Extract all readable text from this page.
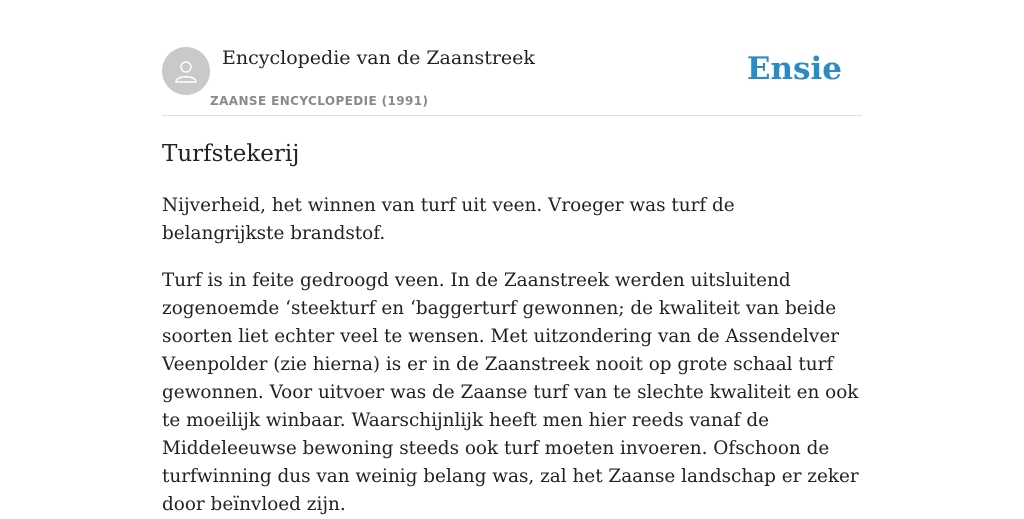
Encyclopedie van de Zaanstreek
ZAANSE ENCYCLOPEDIE (1991)
Ensie
Turfstekerij

Nijverheid, het winnen van turf uit veen. Vroeger was turf de belangrijkste brandstof.

Turf is in feite gedroogd veen. In de Zaanstreek werden uitsluitend zogenoemde ‘steekturf en ‘baggerturf gewonnen; de kwaliteit van beide soorten liet echter veel te wensen. Met uitzondering van de Assendelver Veenpolder (zie hierna) is er in de Zaanstreek nooit op grote schaal turf gewonnen. Voor uitvoer was de Zaanse turf van te slechte kwaliteit en ook te moeilijk winbaar. Waarschijnlijk heeft men hier reeds vanaf de Middeleeuwse bewoning steeds ook turf moeten invoeren. Ofschoon de turfwinning dus van weinig belang was, zal het Zaanse landschap er zeker door beïnvloed zijn.
